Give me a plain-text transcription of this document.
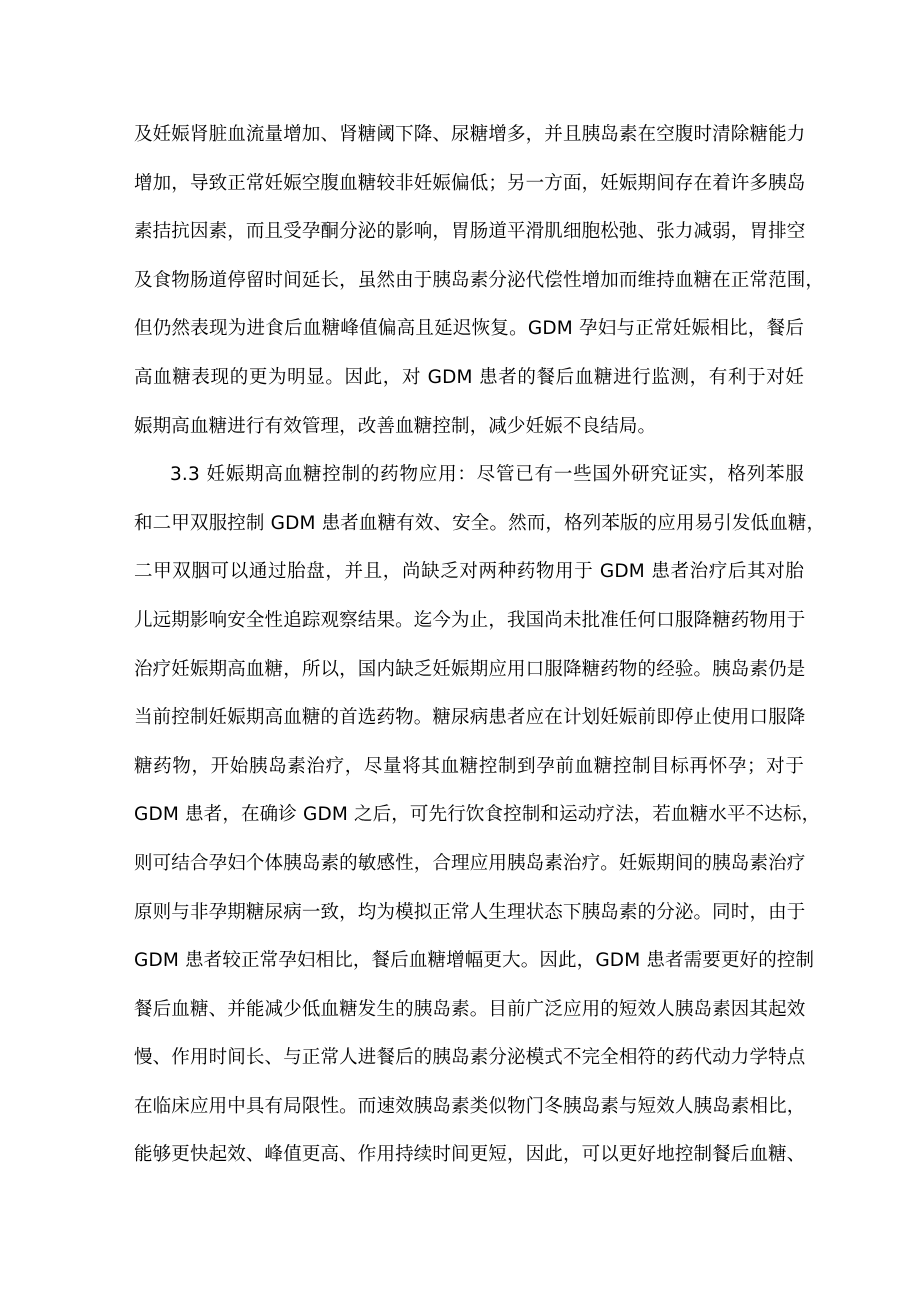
及妊娠肾脏血流量增加、肾糖阈下降、尿糖增多，并且胰岛素在空腹时清除糖能力
增加，导致正常妊娠空腹血糖较非妊娠偏低；另一方面，妊娠期间存在着许多胰岛
素拮抗因素，而且受孕酮分泌的影响，胃肠道平滑肌细胞松弛、张力减弱，胃排空
及食物肠道停留时间延长，虽然由于胰岛素分泌代偿性增加而维持血糖在正常范围，
但仍然表现为进食后血糖峰值偏高且延迟恢复。GDM 孕妇与正常妊娠相比，餐后
高血糖表现的更为明显。因此，对 GDM 患者的餐后血糖进行监测，有利于对妊
娠期高血糖进行有效管理，改善血糖控制，减少妊娠不良结局。
3.3 妊娠期高血糖控制的药物应用：尽管已有一些国外研究证实，格列苯服
和二甲双服控制 GDM 患者血糖有效、安全。然而，格列苯版的应用易引发低血糖，
二甲双胭可以通过胎盘，并且，尚缺乏对两种药物用于 GDM 患者治疗后其对胎
儿远期影响安全性追踪观察结果。迄今为止，我国尚未批准任何口服降糖药物用于
治疗妊娠期高血糖，所以，国内缺乏妊娠期应用口服降糖药物的经验。胰岛素仍是
当前控制妊娠期高血糖的首选药物。糖尿病患者应在计划妊娠前即停止使用口服降
糖药物，开始胰岛素治疗，尽量将其血糖控制到孕前血糖控制目标再怀孕；对于
GDM 患者，在确诊 GDM 之后，可先行饮食控制和运动疗法，若血糖水平不达标，
则可结合孕妇个体胰岛素的敏感性，合理应用胰岛素治疗。妊娠期间的胰岛素治疗
原则与非孕期糖尿病一致，均为模拟正常人生理状态下胰岛素的分泌。同时，由于
GDM 患者较正常孕妇相比，餐后血糖增幅更大。因此，GDM 患者需要更好的控制
餐后血糖、并能减少低血糖发生的胰岛素。目前广泛应用的短效人胰岛素因其起效
慢、作用时间长、与正常人进餐后的胰岛素分泌模式不完全相符的药代动力学特点
在临床应用中具有局限性。而速效胰岛素类似物门冬胰岛素与短效人胰岛素相比，
能够更快起效、峰值更高、作用持续时间更短，因此，可以更好地控制餐后血糖、
